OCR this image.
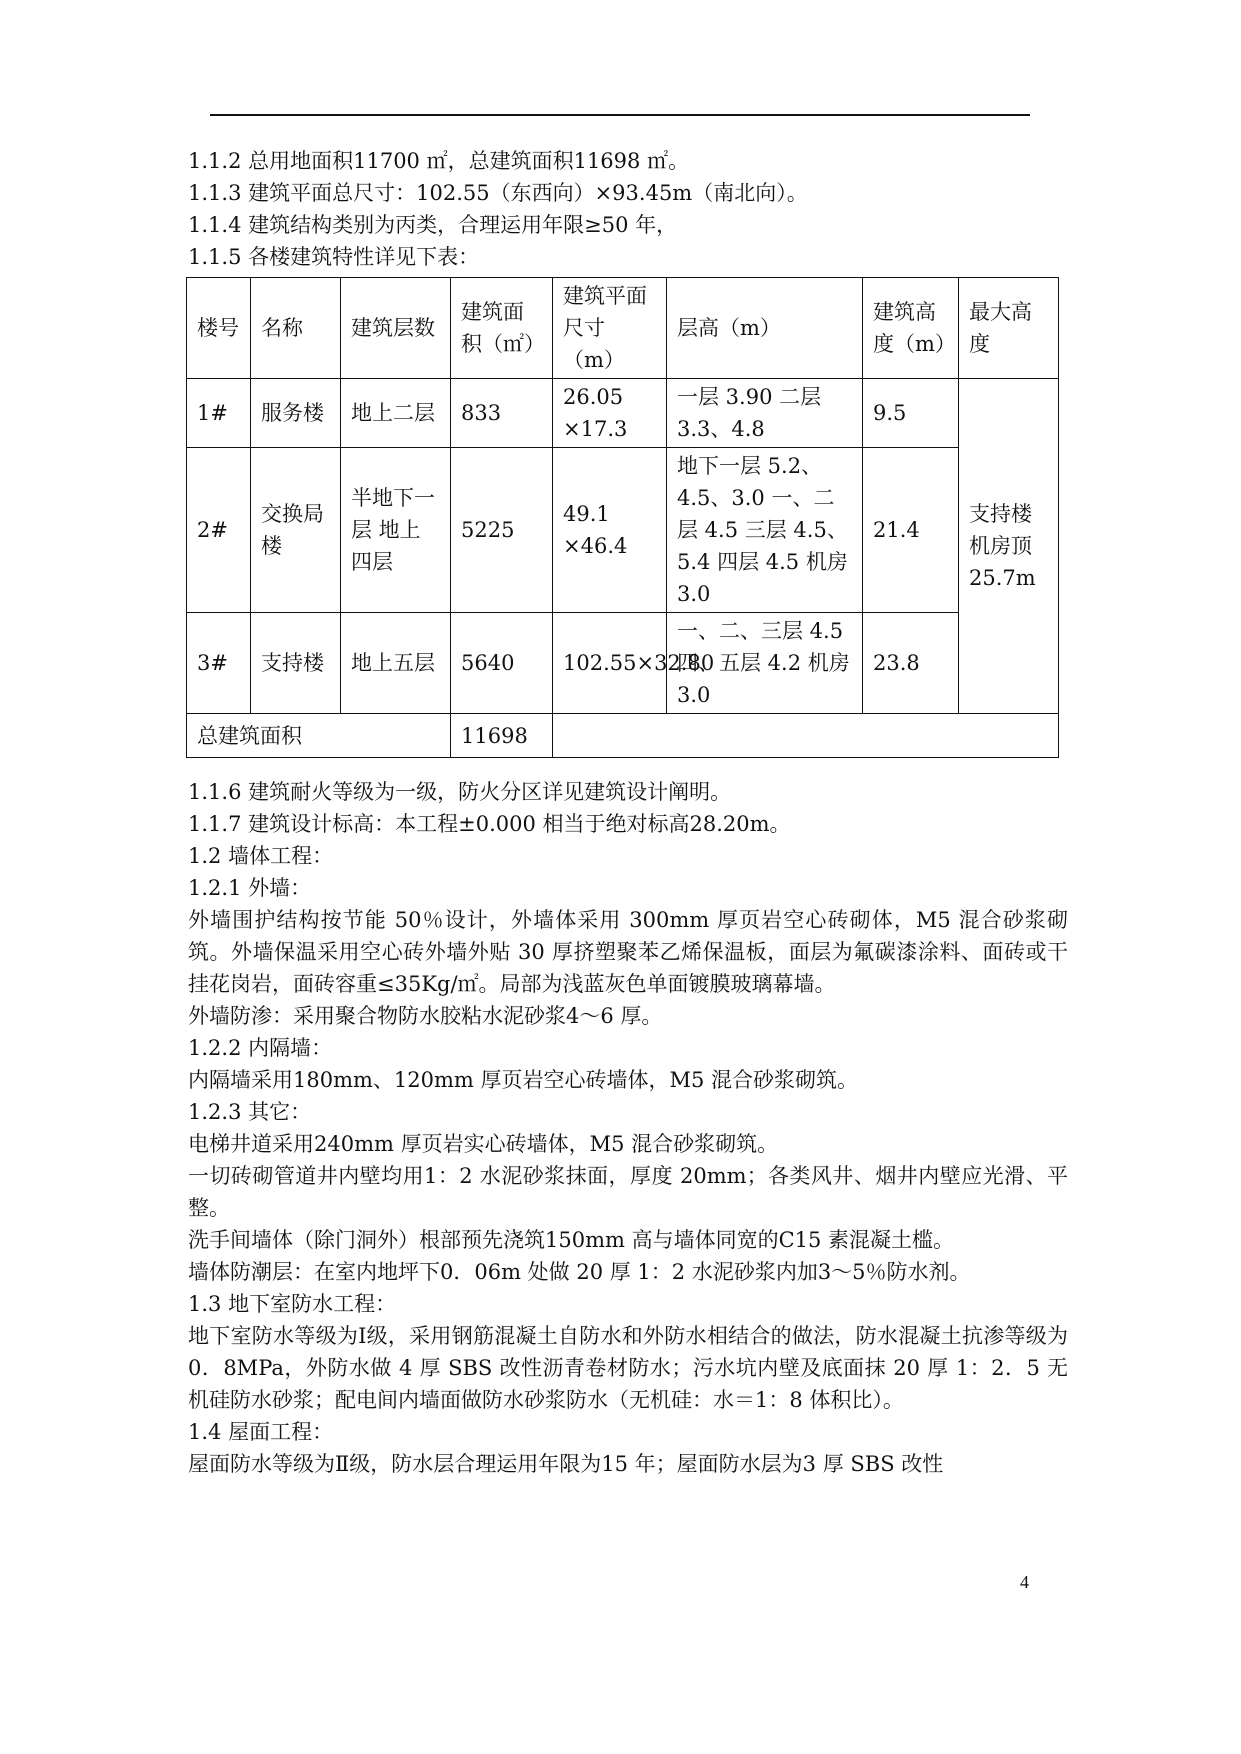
1.1.2 总用地面积11700 ㎡，总建筑面积11698 ㎡。

1.1.3 建筑平面总尺寸：102.55（东西向）×93.45m（南北向）。

1.1.4 建筑结构类别为丙类，合理运用年限≥50 年，

1.1.5 各楼建筑特性详见下表：

楼号	名称	建筑层数	建筑面积（㎡）	建筑平面尺寸（m）	层高（m）	建筑高度（m）	最大高度
1#	服务楼	地上二层	833	26.05 ×17.3	一层 3.90 二层 3.3、4.8	9.5	支持楼机房顶25.7m
2#	交换局楼	半地下一层 地上四层	5225	49.1 ×46.4	地下一层 5.2、4.5、3.0 一、二层 4.5 三层 4.5、5.4 四层 4.5 机房 3.0	21.4	
3#	支持楼	地上五层	5640	102.55×32.80	一、二、三层 4.5 四、五层 4.2 机房 3.0	23.8	
总建筑面积			11698				

1.1.6 建筑耐火等级为一级，防火分区详见建筑设计阐明。

1.1.7 建筑设计标高：本工程±0.000 相当于绝对标高28.20m。

1.2 墙体工程：

1.2.1 外墙：

外墙围护结构按节能 50％设计，外墙体采用 300mm 厚页岩空心砖砌体，M5 混合砂浆砌筑。外墙保温采用空心砖外墙外贴 30 厚挤塑聚苯乙烯保温板，面层为氟碳漆涂料、面砖或干挂花岗岩，面砖容重≤35Kg/㎡。局部为浅蓝灰色单面镀膜玻璃幕墙。

外墙防渗：采用聚合物防水胶粘水泥砂浆4～6 厚。

1.2.2 内隔墙：

内隔墙采用180mm、120mm 厚页岩空心砖墙体，M5 混合砂浆砌筑。

1.2.3 其它：

电梯井道采用240mm 厚页岩实心砖墙体，M5 混合砂浆砌筑。

一切砖砌管道井内壁均用1：2 水泥砂浆抹面，厚度 20mm；各类风井、烟井内壁应光滑、平整。

洗手间墙体（除门洞外）根部预先浇筑150mm 高与墙体同宽的C15 素混凝土槛。

墙体防潮层：在室内地坪下0．06m 处做 20 厚 1：2 水泥砂浆内加3～5％防水剂。

1.3 地下室防水工程：

地下室防水等级为Ⅰ级，采用钢筋混凝土自防水和外防水相结合的做法，防水混凝土抗渗等级为 0．8MPa，外防水做 4 厚 SBS 改性沥青卷材防水；污水坑内壁及底面抹 20 厚 1：2．5 无机硅防水砂浆；配电间内墙面做防水砂浆防水（无机硅：水＝1：8 体积比）。

1.4 屋面工程：

屋面防水等级为Ⅱ级，防水层合理运用年限为15 年；屋面防水层为3 厚 SBS 改性

4
